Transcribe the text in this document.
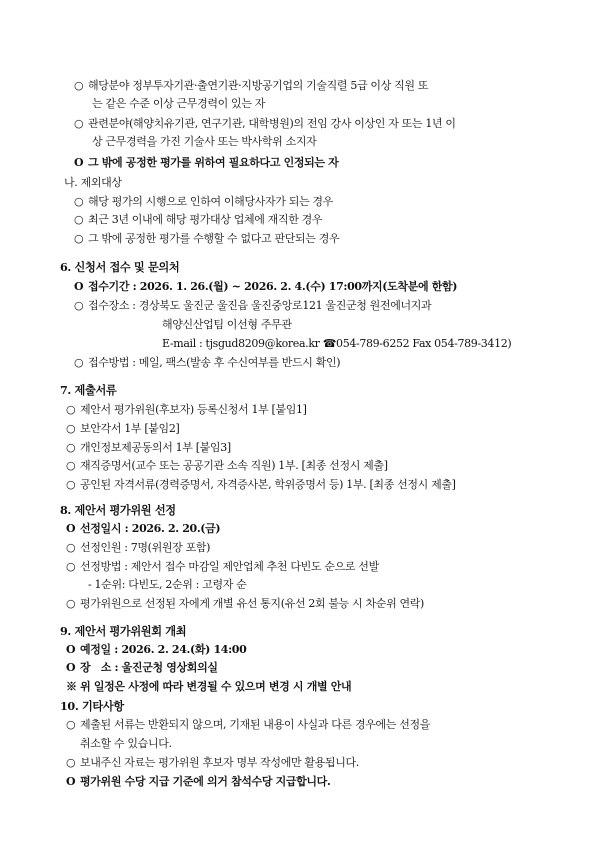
○ 해당분야 정부투자기관·출연기관·지방공기업의 기술직렬 5급 이상 직원 또
는 같은 수준 이상 근무경력이 있는 자
○ 관련분야(해양치유기관, 연구기관, 대학병원)의 전임 강사 이상인 자 또는 1년 이
상 근무경력을 가진 기술사 또는 박사학위 소지자
O 그 밖에 공정한 평가를 위하여 필요하다고 인정되는 자
나. 제외대상
○ 해당 평가의 시행으로 인하여 이해당사자가 되는 경우
○ 최근 3년 이내에 해당 평가대상 업체에 재직한 경우
○ 그 밖에 공정한 평가를 수행할 수 없다고 판단되는 경우
6. 신청서 접수 및 문의처
O 접수기간 : 2026. 1. 26.(월) ~ 2026. 2. 4.(수) 17:00까지(도착분에 한함)
○ 접수장소 : 경상북도 울진군 울진읍 울진중앙로121 울진군청 원전에너지과
해양신산업팀 이선형 주무관
E-mail : tjsgud8209@korea.kr ☎054-789-6252 Fax 054-789-3412)
○ 접수방법 : 메일, 팩스(발송 후 수신여부를 반드시 확인)
7. 제출서류
○ 제안서 평가위원(후보자) 등록신청서 1부 [붙임1]
○ 보안각서 1부 [붙임2]
○ 개인정보제공동의서 1부 [붙임3]
○ 재직증명서(교수 또는 공공기관 소속 직원) 1부. [최종 선정시 제출]
○ 공인된 자격서류(경력증명서, 자격증사본, 학위증명서 등) 1부. [최종 선정시 제출]
8. 제안서 평가위원 선정
O 선정일시 : 2026. 2. 20.(금)
○ 선정인원 : 7명(위원장 포함)
○ 선정방법 : 제안서 접수 마감일 제안업체 추천 다빈도 순으로 선발
- 1순위: 다빈도, 2순위 : 고령자 순
○ 평가위원으로 선정된 자에게 개별 유선 통지(유선 2회 불능 시 차순위 연락)
9. 제안서 평가위원회 개최
O 예정일 : 2026. 2. 24.(화) 14:00
O 장   소 : 울진군청 영상회의실
※ 위 일정은 사정에 따라 변경될 수 있으며 변경 시 개별 안내
10. 기타사항
○ 제출된 서류는 반환되지 않으며, 기재된 내용이 사실과 다른 경우에는 선정을
취소할 수 있습니다.
○ 보내주신 자료는 평가위원 후보자 명부 작성에만 활용됩니다.
O 평가위원 수당 지급 기준에 의거 참석수당 지급합니다.
